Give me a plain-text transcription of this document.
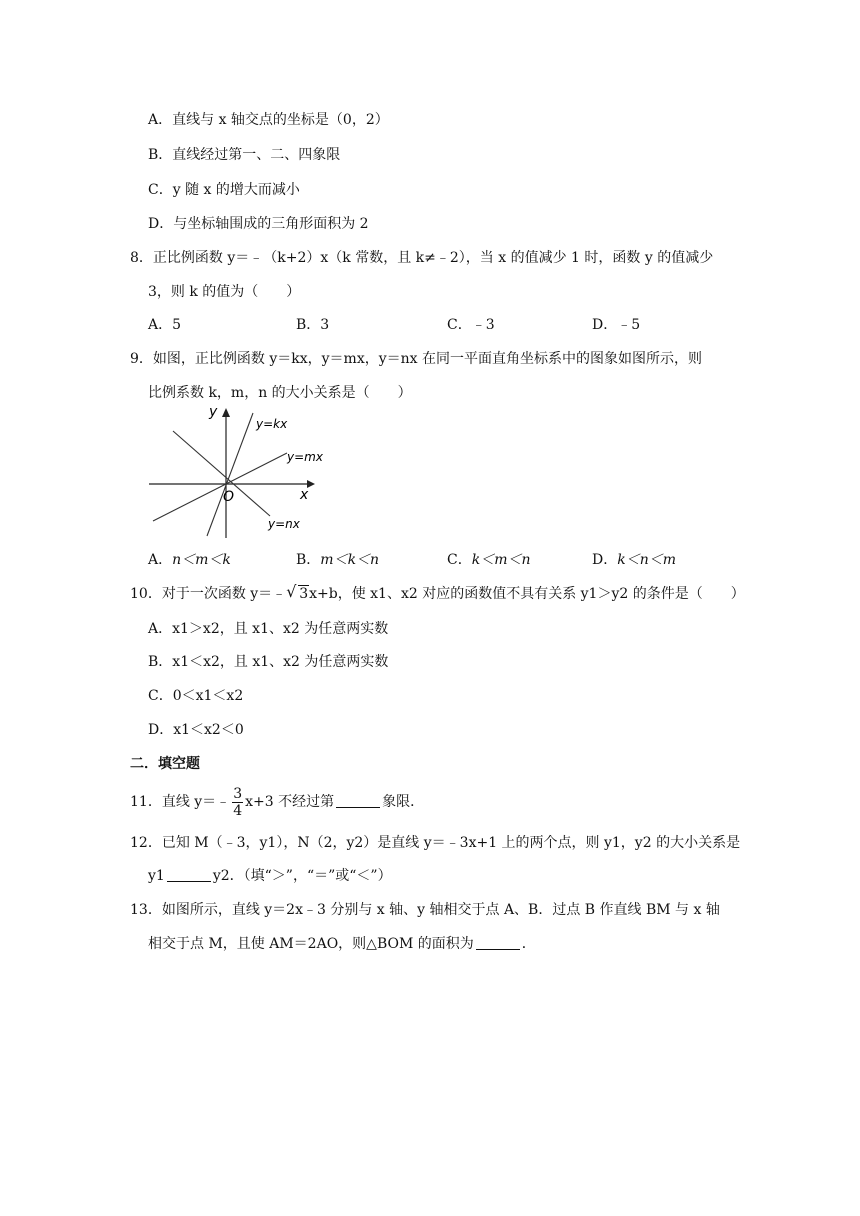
A．直线与 x 轴交点的坐标是（0，2）
B．直线经过第一、二、四象限
C．y 随 x 的增大而减小
D．与坐标轴围成的三角形面积为 2
8．正比例函数 y＝﹣（k+2）x（k 常数，且 k≠﹣2），当 x 的值减少 1 时，函数 y 的值减少
3，则 k 的值为（　　）
A．5	B．3	C．﹣3	D．﹣5
9．如图，正比例函数 y＝kx，y＝mx，y＝nx 在同一平面直角坐标系中的图象如图所示，则
比例系数 k，m，n 的大小关系是（　　）
y
x
O
y=kx
y=mx
y=nx
A．n＜m＜k	B．m＜k＜n	C．k＜m＜n	D．k＜n＜m
10．对于一次函数 y＝﹣√ 3x+b，使 x1、x2 对应的函数值不具有关系 y1＞y2 的条件是（　　）
A．x1＞x2，且 x1、x2 为任意两实数
B．x1＜x2，且 x1、x2 为任意两实数
C．0＜x1＜x2
D．x1＜x2＜0
二．填空题
11．直线 y＝﹣ $\frac{3}{4} x+3$ 不经过第	象限．
12．已知 M（﹣3，y1），N（2，y2）是直线 y＝﹣3x+1 上的两个点，则 y1，y2 的大小关系是
y1	y2．（填“＞”，“＝”或“＜”）
13．如图所示，直线 y＝2x﹣3 分别与 x 轴、y 轴相交于点 A、B．过点 B 作直线 BM 与 x 轴
相交于点 M，且使 AM＝2AO，则△BOM 的面积为	．
